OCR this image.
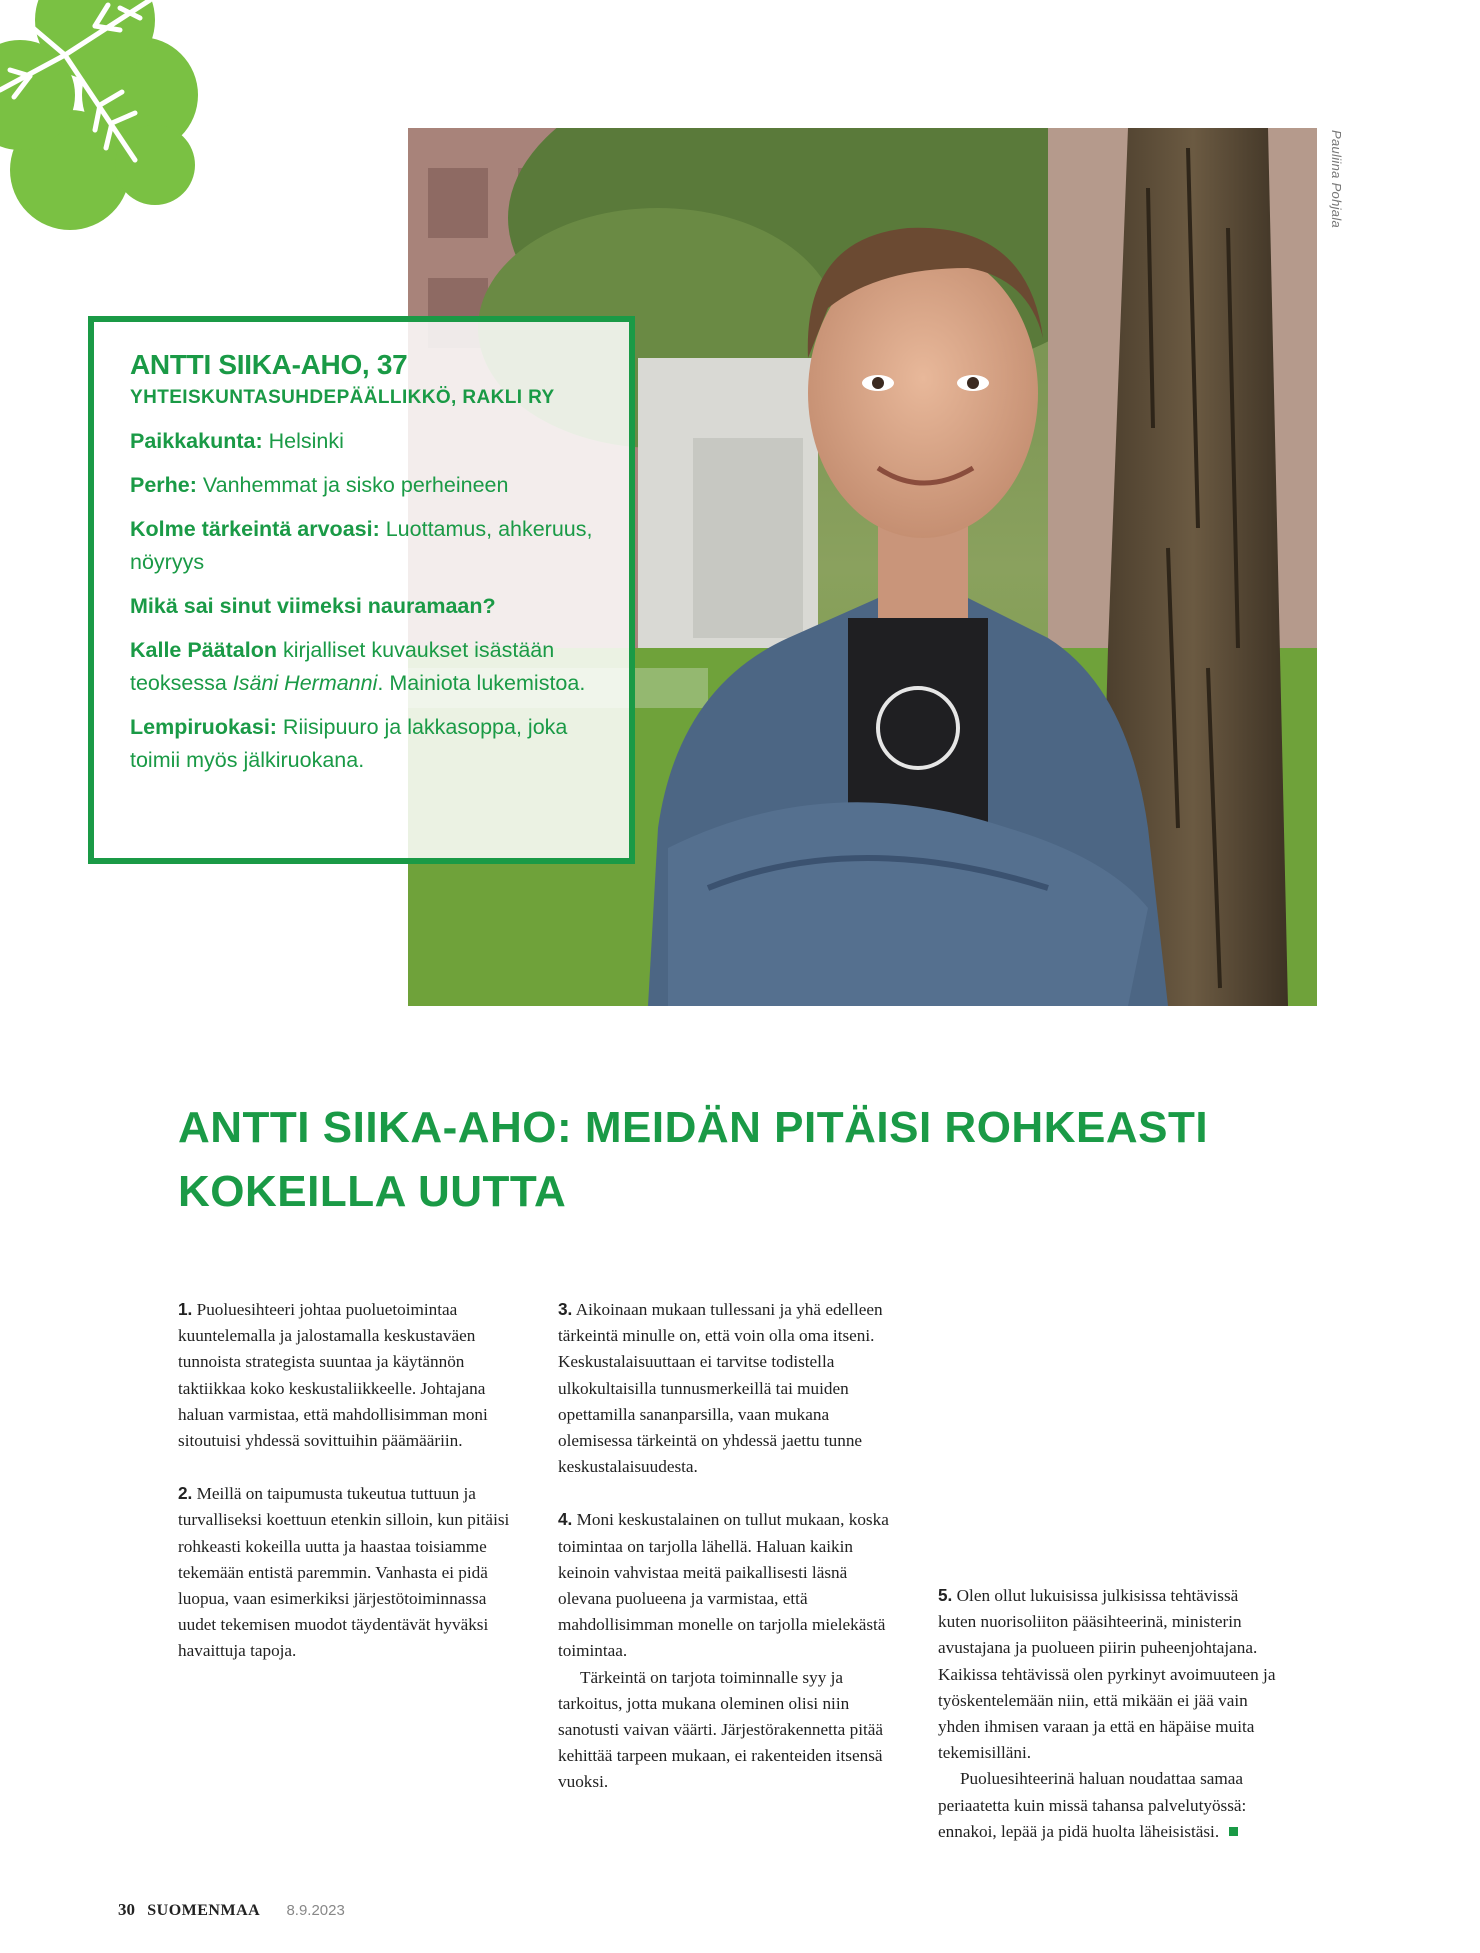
Pauliina Pohjala
ANTTI SIIKA-AHO, 37
YHTEISKUNTASUHDEPÄÄLLIKKÖ, RAKLI RY

Paikkakunta: Helsinki

Perhe: Vanhemmat ja sisko perheineen

Kolme tärkeintä arvoasi: Luottamus, ahkeruus, nöyryys

Mikä sai sinut viimeksi nauramaan?

Kalle Päätalon kirjalliset kuvaukset isästään teoksessa Isäni Hermanni. Mainiota lukemistoa.

Lempiruokasi: Riisipuuro ja lakkasoppa, joka toimii myös jälkiruokana.

ANTTI SIIKA-AHO: MEIDÄN PITÄISI ROHKEASTI KOKEILLA UUTTA

1. Puoluesihteeri johtaa puoluetoimintaa kuuntelemalla ja jalostamalla keskustaväen tunnoista strategista suuntaa ja käytännön taktiikkaa koko keskustaliikkeelle. Johtajana haluan varmistaa, että mahdollisimman moni sitoutuisi yhdessä sovittuihin päämääriin.

2. Meillä on taipumusta tukeutua tuttuun ja turvalliseksi koettuun etenkin silloin, kun pitäisi rohkeasti kokeilla uutta ja haastaa toisiamme tekemään entistä paremmin. Vanhasta ei pidä luopua, vaan esimerkiksi järjestötoiminnassa uudet tekemisen muodot täydentävät hyväksi havaittuja tapoja.

3. Aikoinaan mukaan tullessani ja yhä edelleen tärkeintä minulle on, että voin olla oma itseni. Keskustalaisuuttaan ei tarvitse todistella ulkokultaisilla tunnusmerkeillä tai muiden opettamilla sananparsilla, vaan mukana olemisessa tärkeintä on yhdessä jaettu tunne keskustalaisuudesta.

4. Moni keskustalainen on tullut mukaan, koska toimintaa on tarjolla lähellä. Haluan kaikin keinoin vahvistaa meitä paikallisesti läsnä olevana puolueena ja varmistaa, että mahdollisimman monelle on tarjolla mielekästä toimintaa.

Tärkeintä on tarjota toiminnalle syy ja tarkoitus, jotta mukana oleminen olisi niin sanotusti vaivan väärti. Järjestörakennetta pitää kehittää tarpeen mukaan, ei rakenteiden itsensä vuoksi.

5. Olen ollut lukuisissa julkisissa tehtävissä kuten nuorisoliiton pääsihteerinä, ministerin avustajana ja puolueen piirin puheenjohtajana. Kaikissa tehtävissä olen pyrkinyt avoimuuteen ja työskentelemään niin, että mikään ei jää vain yhden ihmisen varaan ja että en häpäise muita tekemisilläni.

Puoluesihteerinä haluan noudattaa samaa periaatetta kuin missä tahansa palvelutyössä: ennakoi, lepää ja pidä huolta läheisistäsi.

30 SUOMENMAA 8.9.2023
